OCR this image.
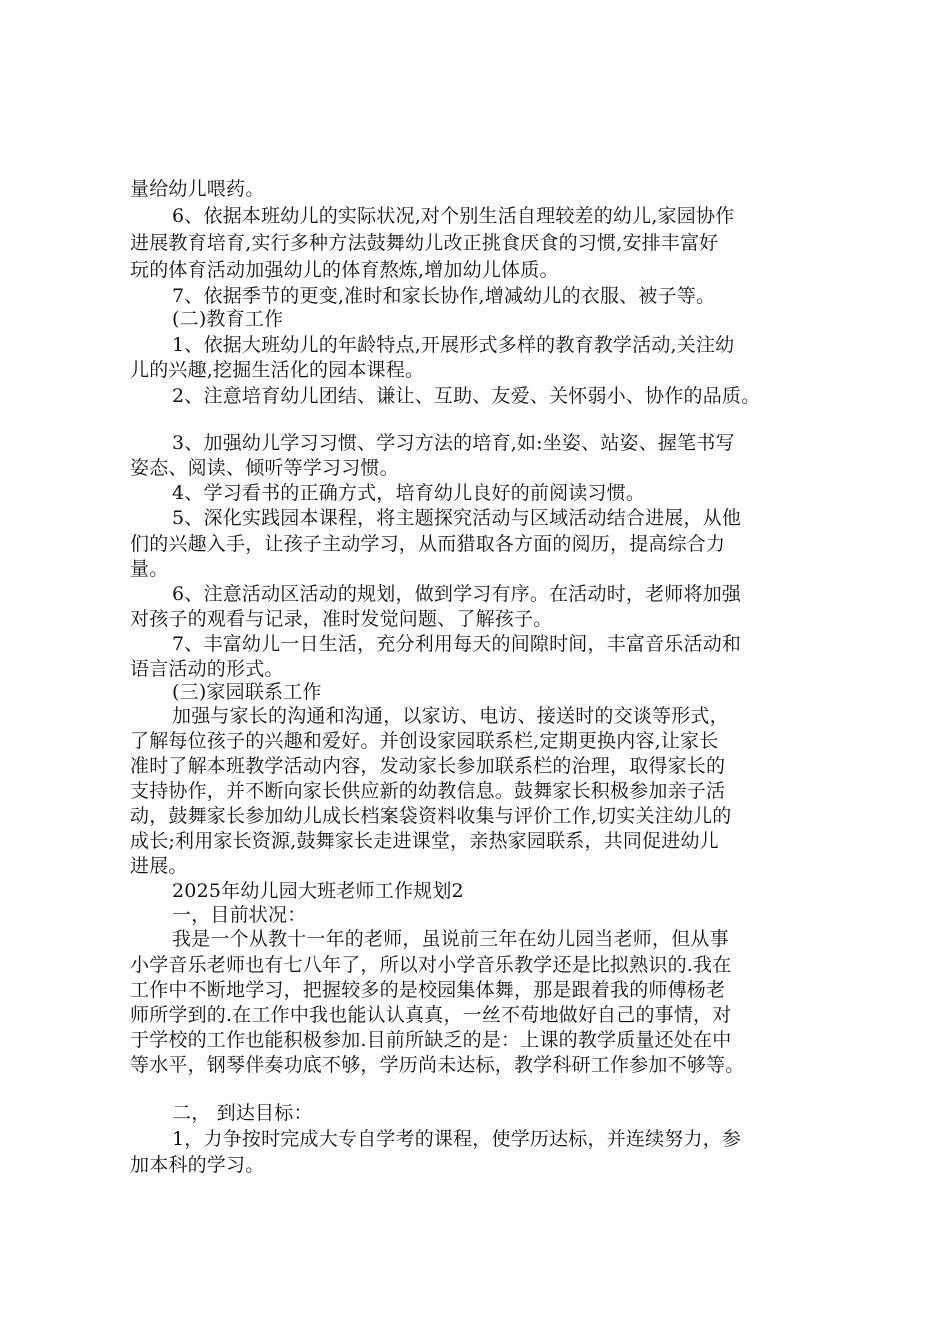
量给幼儿喂药。
6、依据本班幼儿的实际状况,对个别生活自理较差的幼儿,家园协作
进展教育培育,实行多种方法鼓舞幼儿改正挑食厌食的习惯,安排丰富好
玩的体育活动加强幼儿的体育熬炼,增加幼儿体质。
7、依据季节的更变,准时和家长协作,增减幼儿的衣服、被子等。
(二)教育工作
1、依据大班幼儿的年龄特点,开展形式多样的教育教学活动,关注幼
儿的兴趣,挖掘生活化的园本课程。
2、注意培育幼儿团结、谦让、互助、友爱、关怀弱小、协作的品质。
3、加强幼儿学习习惯、学习方法的培育,如:坐姿、站姿、握笔书写
姿态、阅读、倾听等学习习惯。
4、学习看书的正确方式，培育幼儿良好的前阅读习惯。
5、深化实践园本课程，将主题探究活动与区域活动结合进展，从他
们的兴趣入手，让孩子主动学习，从而猎取各方面的阅历，提高综合力
量。
6、注意活动区活动的规划，做到学习有序。在活动时，老师将加强
对孩子的观看与记录，准时发觉问题、了解孩子。
7、丰富幼儿一日生活，充分利用每天的间隙时间，丰富音乐活动和
语言活动的形式。
(三)家园联系工作
加强与家长的沟通和沟通，以家访、电访、接送时的交谈等形式，
了解每位孩子的兴趣和爱好。并创设家园联系栏,定期更换内容,让家长
准时了解本班教学活动内容，发动家长参加联系栏的治理，取得家长的
支持协作，并不断向家长供应新的幼教信息。鼓舞家长积极参加亲子活
动，鼓舞家长参加幼儿成长档案袋资料收集与评价工作,切实关注幼儿的
成长;利用家长资源,鼓舞家长走进课堂，亲热家园联系，共同促进幼儿
进展。
2025年幼儿园大班老师工作规划2
一，目前状况：
我是一个从教十一年的老师，虽说前三年在幼儿园当老师，但从事
小学音乐老师也有七八年了，所以对小学音乐教学还是比拟熟识的.我在
工作中不断地学习，把握较多的是校园集体舞，那是跟着我的师傅杨老
师所学到的.在工作中我也能认认真真，一丝不苟地做好自己的事情，对
于学校的工作也能积极参加.目前所缺乏的是：上课的教学质量还处在中
等水平，钢琴伴奏功底不够，学历尚未达标，教学科研工作参加不够等。
二， 到达目标：
1，力争按时完成大专自学考的课程，使学历达标，并连续努力，参
加本科的学习。
